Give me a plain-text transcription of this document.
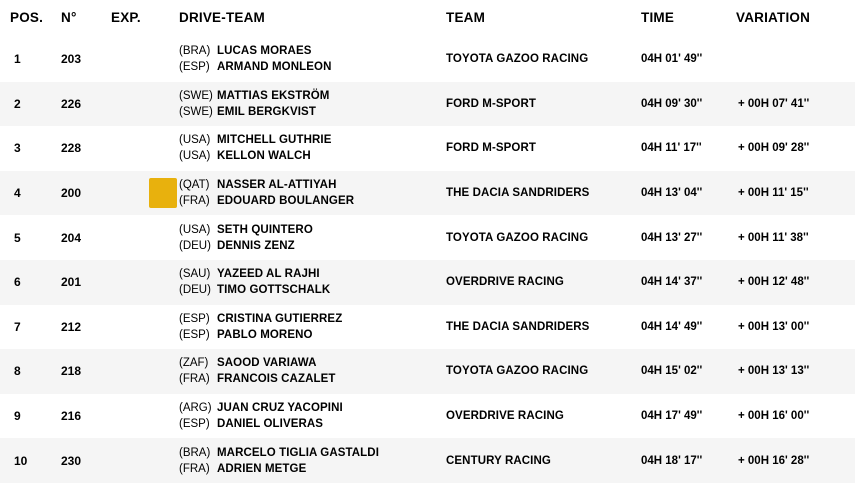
POS.	N°	EXP.	DRIVE-TEAM	TEAM	TIME	VARIATION
1	203		(BRA) LUCAS MORAES
(ESP) ARMAND MONLEON	TOYOTA GAZOO RACING	04H 01' 49''	
2	226		(SWE) MATTIAS EKSTRÖM
(SWE) EMIL BERGKVIST	FORD M-SPORT	04H 09' 30''	+ 00H 07' 41''
3	228		(USA) MITCHELL GUTHRIE
(USA) KELLON WALCH	FORD M-SPORT	04H 11' 17''	+ 00H 09' 28''
4	200		(QAT) NASSER AL-ATTIYAH
(FRA) EDOUARD BOULANGER	THE DACIA SANDRIDERS	04H 13' 04''	+ 00H 11' 15''
5	204		(USA) SETH QUINTERO
(DEU) DENNIS ZENZ	TOYOTA GAZOO RACING	04H 13' 27''	+ 00H 11' 38''
6	201		(SAU) YAZEED AL RAJHI
(DEU) TIMO GOTTSCHALK	OVERDRIVE RACING	04H 14' 37''	+ 00H 12' 48''
7	212		(ESP) CRISTINA GUTIERREZ
(ESP) PABLO MORENO	THE DACIA SANDRIDERS	04H 14' 49''	+ 00H 13' 00''
8	218		(ZAF) SAOOD VARIAWA
(FRA) FRANCOIS CAZALET	TOYOTA GAZOO RACING	04H 15' 02''	+ 00H 13' 13''
9	216		(ARG) JUAN CRUZ YACOPINI
(ESP) DANIEL OLIVERAS	OVERDRIVE RACING	04H 17' 49''	+ 00H 16' 00''
10	230		(BRA) MARCELO TIGLIA GASTALDI
(FRA) ADRIEN METGE	CENTURY RACING	04H 18' 17''	+ 00H 16' 28''
